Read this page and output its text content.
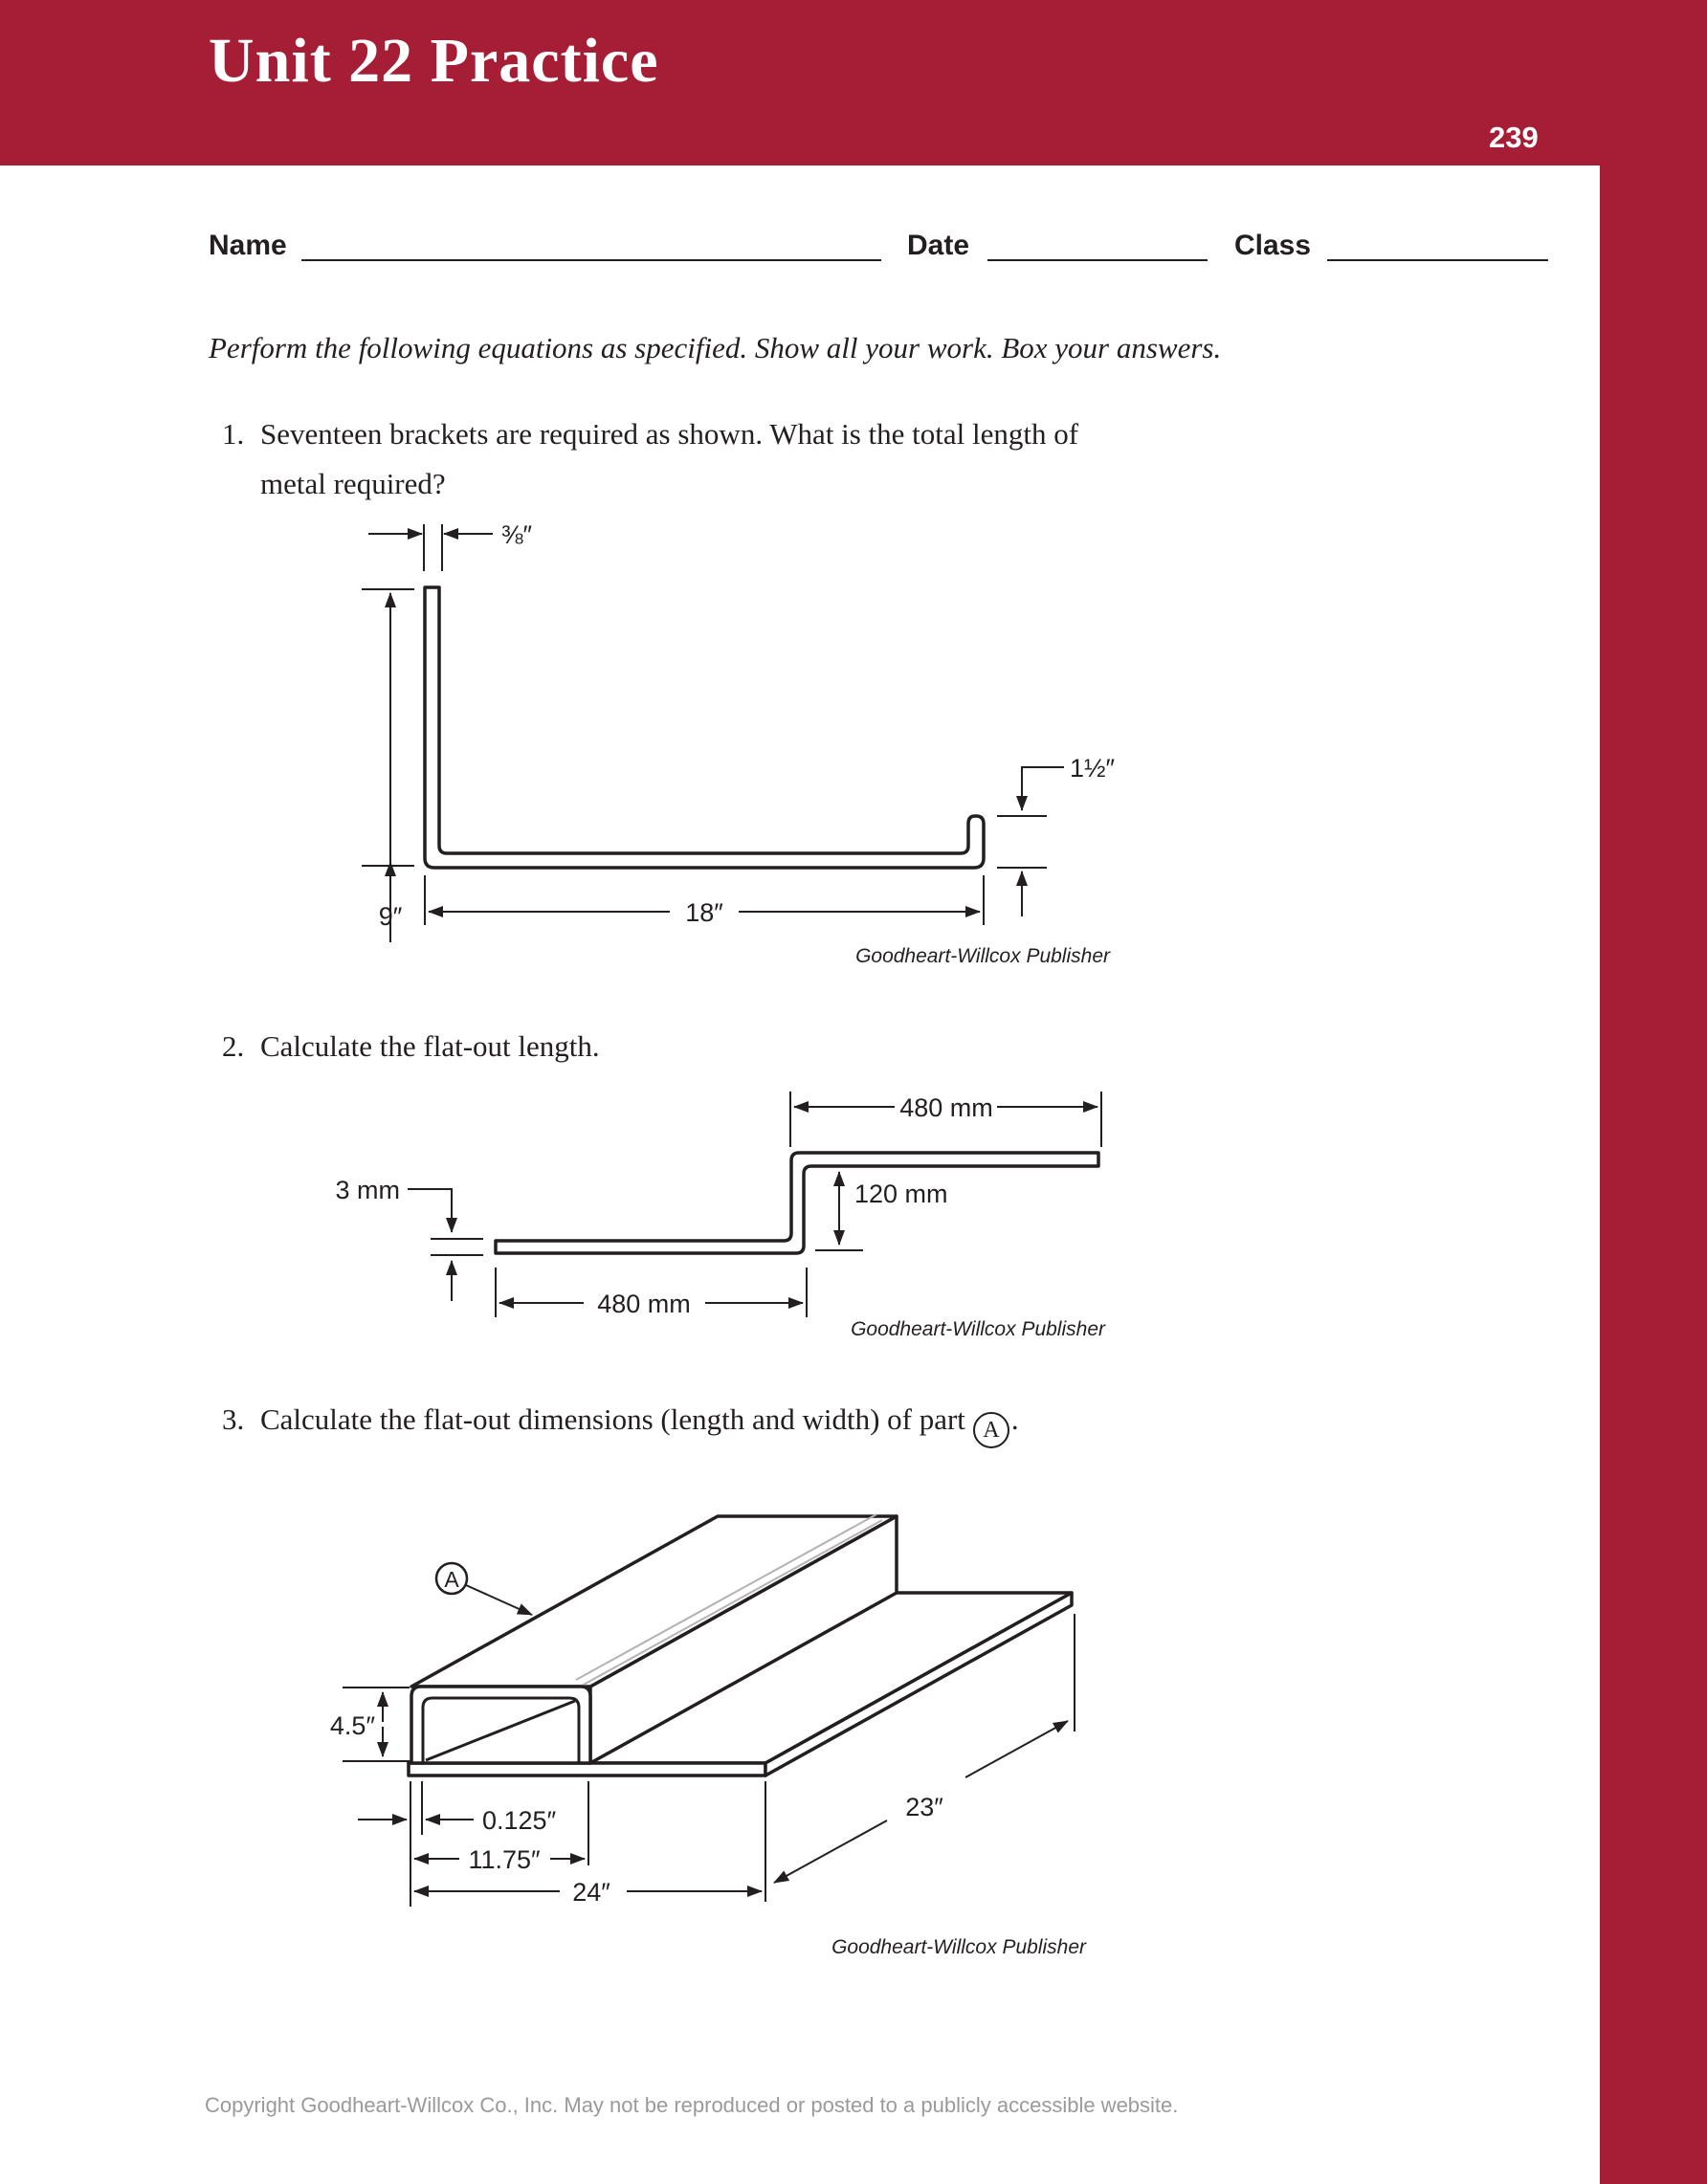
Unit 22 Practice
239
Name	Date	Class
Perform the following equations as specified. Show all your work. Box your answers.
1. Seventeen brackets are required as shown. What is the total length of
metal required?
⅜″
9″
1½″
18″
Goodheart-Willcox Publisher
2. Calculate the flat-out length.
480 mm
3 mm	120 mm
480 mm
Goodheart-Willcox Publisher
3. Calculate the flat-out dimensions (length and width) of part A .
A
4.5″
0.125″
11.75″
24″
23″
Goodheart-Willcox Publisher
Copyright Goodheart-Willcox Co., Inc. May not be reproduced or posted to a publicly accessible website.
